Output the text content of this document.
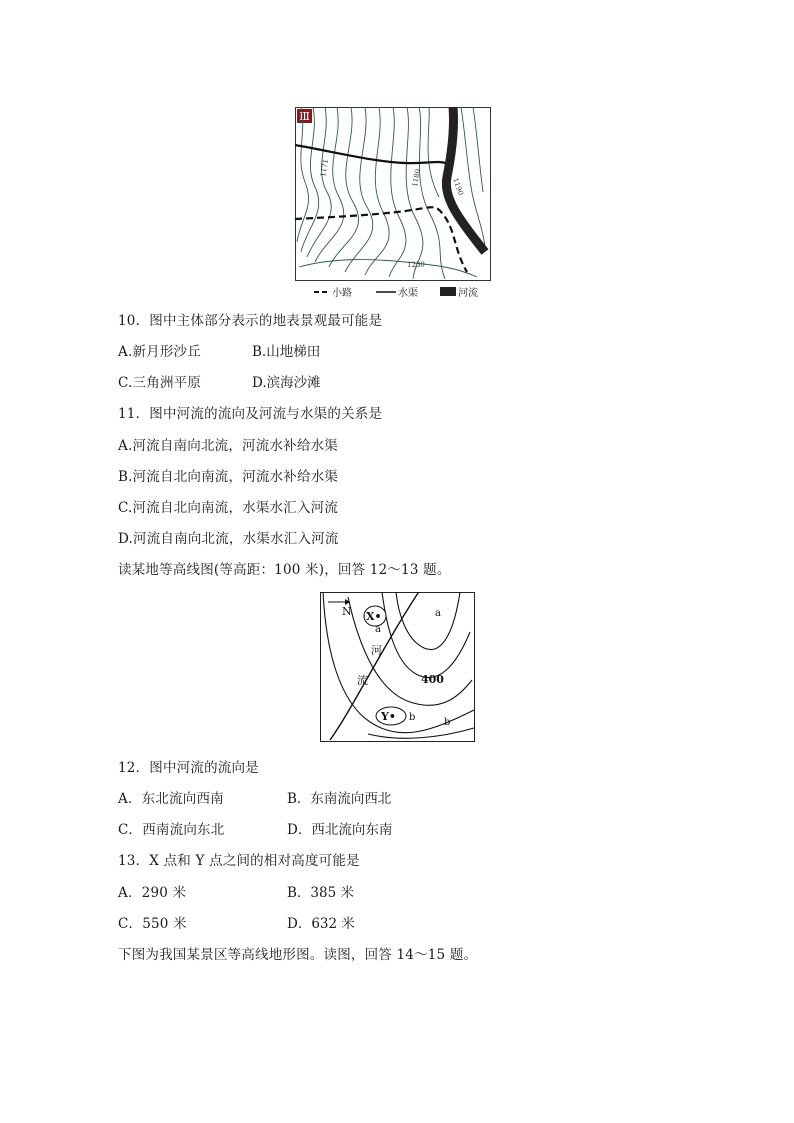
Ⅲ
1171
1180	1190
1230
小路	水渠	河流
10．图中主体部分表示的地表景观最可能是
A.新月形沙丘	B.山地梯田
C.三角洲平原	D.滨海沙滩
11．图中河流的流向及河流与水渠的关系是
A.河流自南向北流，河流水补给水渠
B.河流自北向南流，河流水补给水渠
C.河流自北向南流，水渠水汇入河流
D.河流自南向北流，水渠水汇入河流
读某地等高线图(等高距：100 米)，回答 12～13 题。
N X•
a
a
河
流	400
Y• b	b
12．图中河流的流向是
A．东北流向西南	B．东南流向西北
C．西南流向东北	D．西北流向东南
13．X 点和 Y 点之间的相对高度可能是
A．290 米	B．385 米
C．550 米	D．632 米
下图为我国某景区等高线地形图。读图，回答 14～15 题。
